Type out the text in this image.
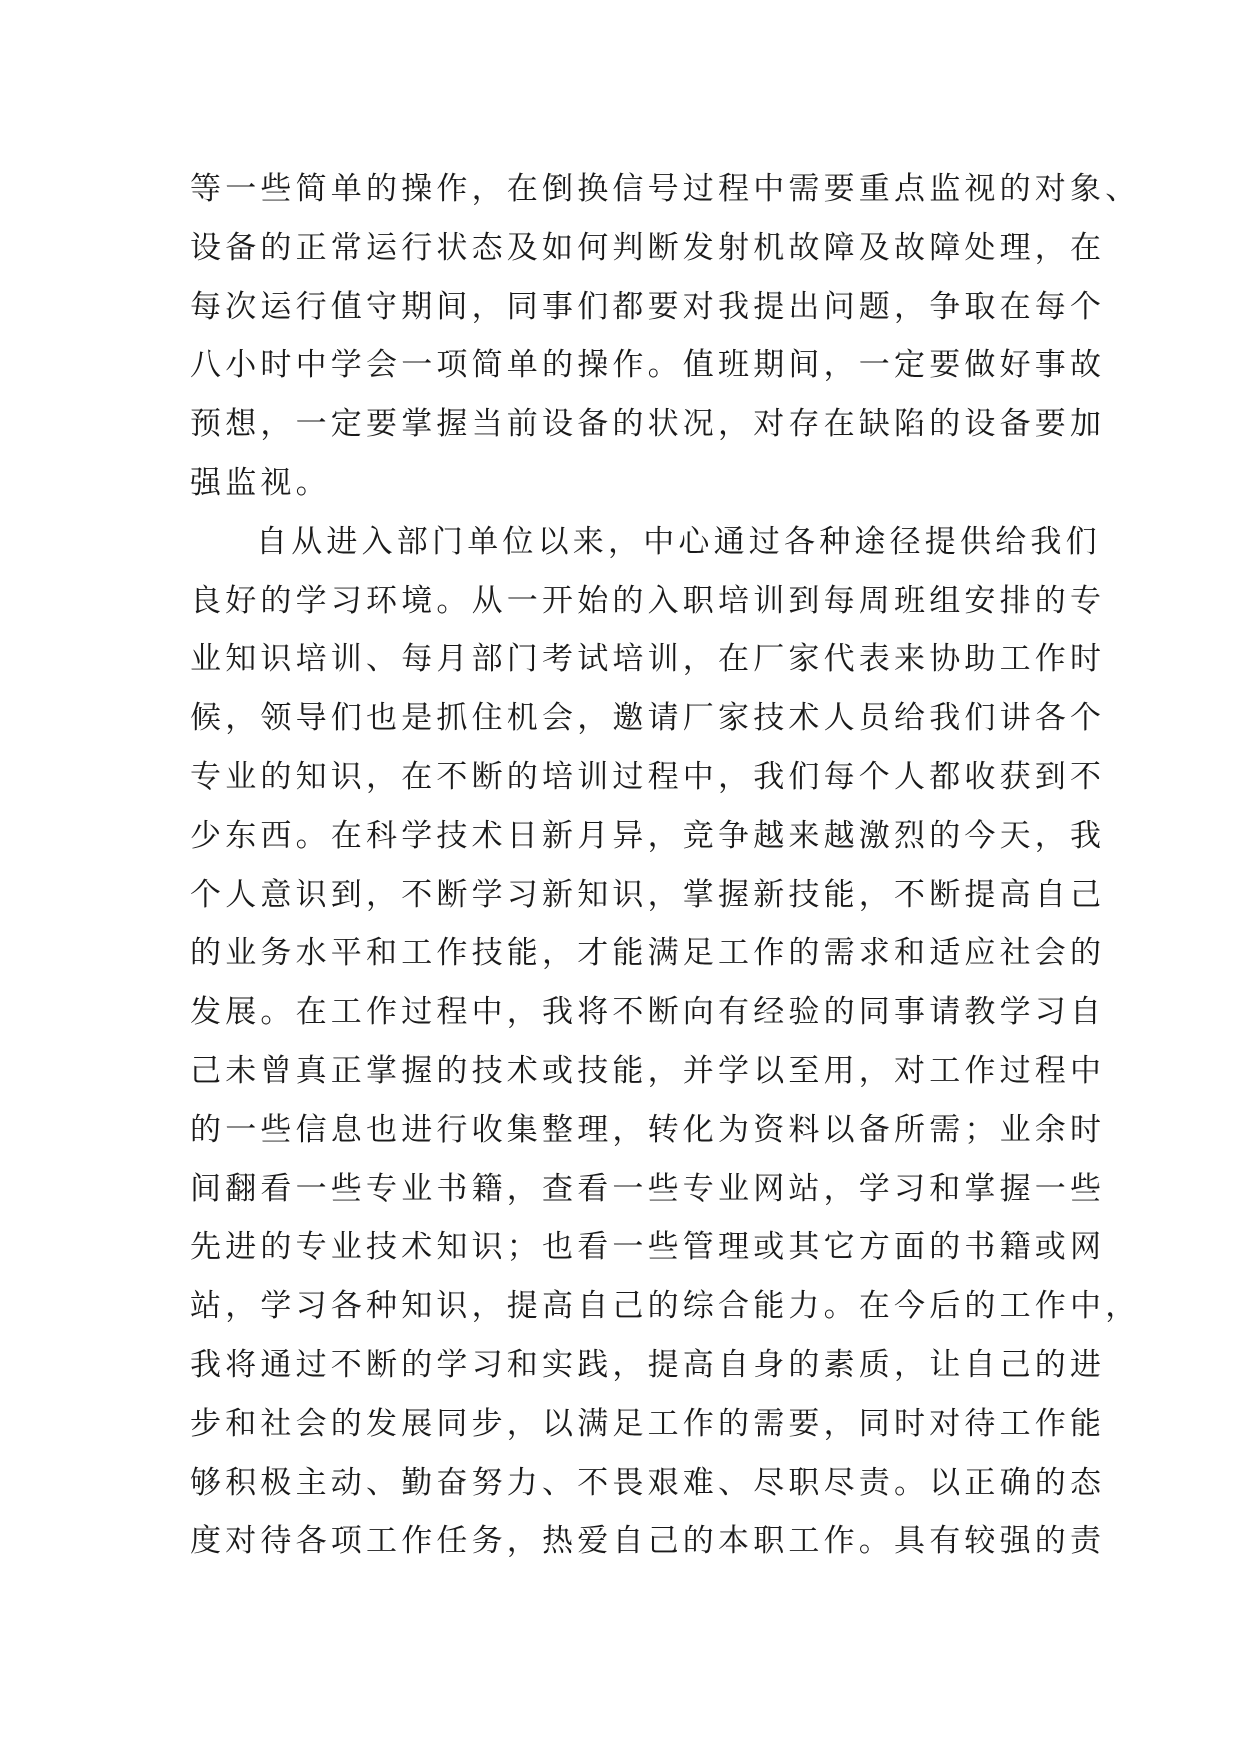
等一些简单的操作，在倒换信号过程中需要重点监视的对象、
设备的正常运行状态及如何判断发射机故障及故障处理，在
每次运行值守期间，同事们都要对我提出问题，争取在每个
八小时中学会一项简单的操作。值班期间，一定要做好事故
预想，一定要掌握当前设备的状况，对存在缺陷的设备要加
强监视。
自从进入部门单位以来，中心通过各种途径提供给我们
良好的学习环境。从一开始的入职培训到每周班组安排的专
业知识培训、每月部门考试培训，在厂家代表来协助工作时
候，领导们也是抓住机会，邀请厂家技术人员给我们讲各个
专业的知识，在不断的培训过程中，我们每个人都收获到不
少东西。在科学技术日新月异，竞争越来越激烈的今天，我
个人意识到，不断学习新知识，掌握新技能，不断提高自己
的业务水平和工作技能，才能满足工作的需求和适应社会的
发展。在工作过程中，我将不断向有经验的同事请教学习自
己未曾真正掌握的技术或技能，并学以至用，对工作过程中
的一些信息也进行收集整理，转化为资料以备所需；业余时
间翻看一些专业书籍，查看一些专业网站，学习和掌握一些
先进的专业技术知识；也看一些管理或其它方面的书籍或网
站，学习各种知识，提高自己的综合能力。在今后的工作中，
我将通过不断的学习和实践，提高自身的素质，让自己的进
步和社会的发展同步，以满足工作的需要，同时对待工作能
够积极主动、勤奋努力、不畏艰难、尽职尽责。以正确的态
度对待各项工作任务，热爱自己的本职工作。具有较强的责
